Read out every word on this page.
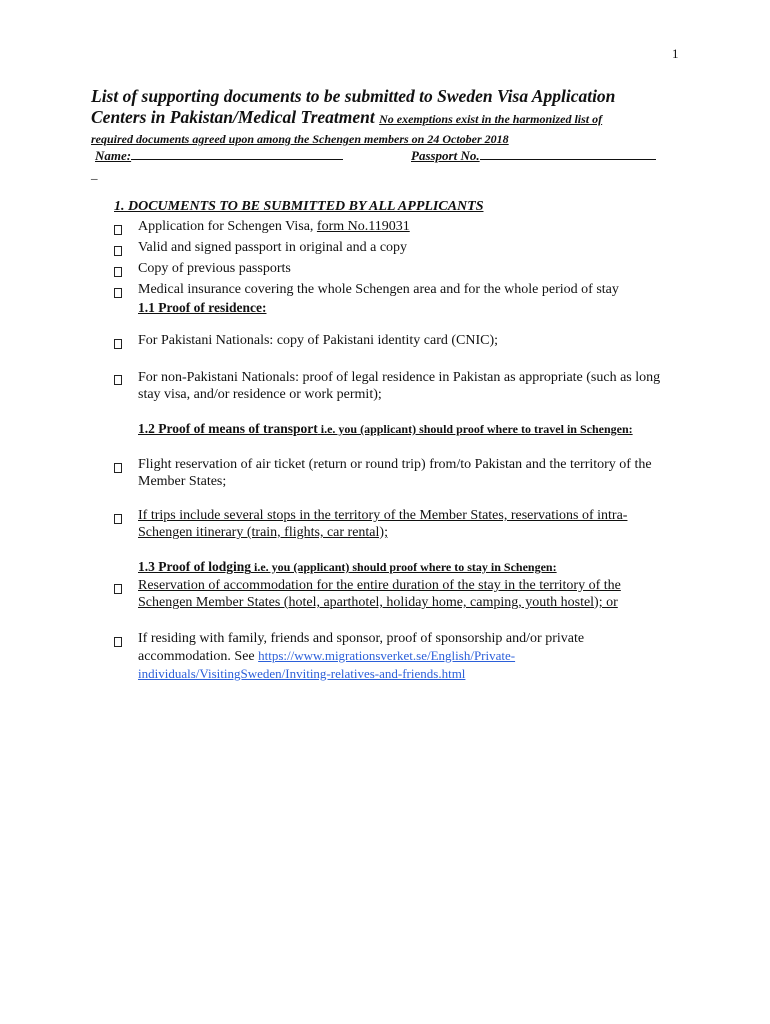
1

List of supporting documents to be submitted to Sweden Visa Application

Centers in Pakistan/Medical Treatment No exemptions exist in the harmonized list of

required documents agreed upon among the Schengen members on 24 October 2018

Name:	Passport No.
_
1. DOCUMENTS TO BE SUBMITTED BY ALL APPLICANTS
Application for Schengen Visa, form No.119031
Valid and signed passport in original and a copy
Copy of previous passports
Medical insurance covering the whole Schengen area and for the whole period of stay
1.1 Proof of residence:
For Pakistani Nationals: copy of Pakistani identity card (CNIC);
For non-Pakistani Nationals: proof of legal residence in Pakistan as appropriate (such as long stay visa, and/or residence or work permit);
1.2 Proof of means of transport i.e. you (applicant) should proof where to travel in Schengen:
Flight reservation of air ticket (return or round trip) from/to Pakistan and the territory of the Member States;
If trips include several stops in the territory of the Member States, reservations of intra-Schengen itinerary (train, flights, car rental);
1.3 Proof of lodging i.e. you (applicant) should proof where to stay in Schengen:
Reservation of accommodation for the entire duration of the stay in the territory of the Schengen Member States (hotel, aparthotel, holiday home, camping, youth hostel); or
If residing with family, friends and sponsor, proof of sponsorship and/or private accommodation. See https://www.migrationsverket.se/English/Private-individuals/VisitingSweden/Inviting-relatives-and-friends.html
